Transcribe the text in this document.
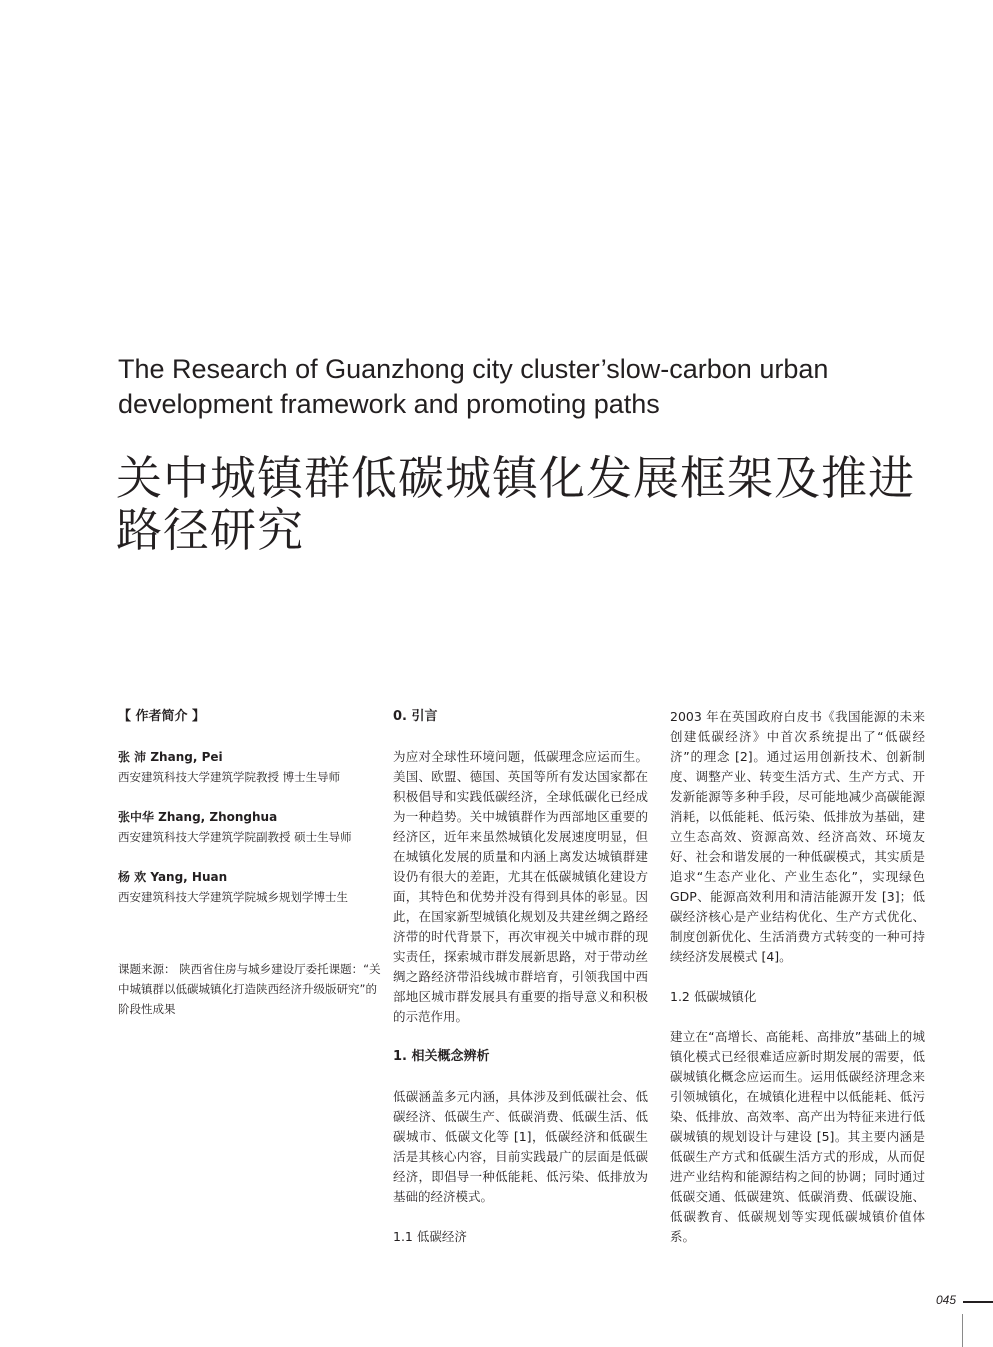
The Research of Guanzhong city cluster’slow-carbon urban development framework and promoting paths
关中城镇群低碳城镇化发展框架及推进路径研究
【 作者简介 】
张 沛 Zhang, Pei
西安建筑科技大学建筑学院教授 博士生导师
张中华 Zhang, Zhonghua
西安建筑科技大学建筑学院副教授 硕士生导师
杨 欢 Yang, Huan
西安建筑科技大学建筑学院城乡规划学博士生
课题来源： 陕西省住房与城乡建设厅委托课题：“关中城镇群以低碳城镇化打造陕西经济升级版研究”的阶段性成果
0. 引言

为应对全球性环境问题，低碳理念应运而生。美国、欧盟、德国、英国等所有发达国家都在积极倡导和实践低碳经济，全球低碳化已经成为一种趋势。关中城镇群作为西部地区重要的经济区，近年来虽然城镇化发展速度明显，但在城镇化发展的质量和内涵上离发达城镇群建设仍有很大的差距，尤其在低碳城镇化建设方面，其特色和优势并没有得到具体的彰显。因此，在国家新型城镇化规划及共建丝绸之路经济带的时代背景下，再次审视关中城市群的现实责任，探索城市群发展新思路，对于带动丝绸之路经济带沿线城市群培育，引领我国中西部地区城市群发展具有重要的指导意义和积极的示范作用。

1. 相关概念辨析

低碳涵盖多元内涵，具体涉及到低碳社会、低碳经济、低碳生产、低碳消费、低碳生活、低碳城市、低碳文化等 [1]，低碳经济和低碳生活是其核心内容，目前实践最广的层面是低碳经济，即倡导一种低能耗、低污染、低排放为基础的经济模式。

1.1 低碳经济

2003 年在英国政府白皮书《我国能源的未来创建低碳经济》中首次系统提出了“低碳经济”的理念 [2]。通过运用创新技术、创新制度、调整产业、转变生活方式、生产方式、开发新能源等多种手段，尽可能地减少高碳能源消耗，以低能耗、低污染、低排放为基础，建立生态高效、资源高效、经济高效、环境友好、社会和谐发展的一种低碳模式，其实质是追求“生态产业化、产业生态化”，实现绿色 GDP、能源高效利用和清洁能源开发 [3]；低碳经济核心是产业结构优化、生产方式优化、制度创新优化、生活消费方式转变的一种可持续经济发展模式 [4]。

1.2 低碳城镇化

建立在“高增长、高能耗、高排放”基础上的城镇化模式已经很难适应新时期发展的需要，低碳城镇化概念应运而生。运用低碳经济理念来引领城镇化，在城镇化进程中以低能耗、低污染、低排放、高效率、高产出为特征来进行低碳城镇的规划设计与建设 [5]。其主要内涵是低碳生产方式和低碳生活方式的形成，从而促进产业结构和能源结构之间的协调；同时通过低碳交通、低碳建筑、低碳消费、低碳设施、低碳教育、低碳规划等实现低碳城镇价值体系。

045
